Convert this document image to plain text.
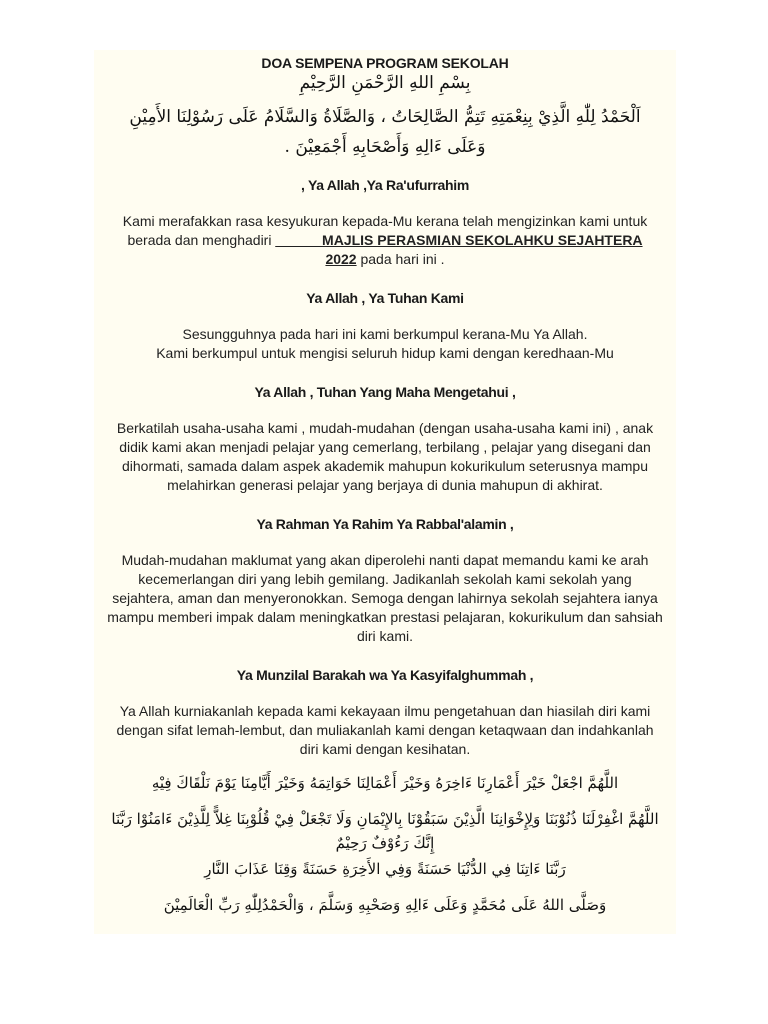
DOA SEMPENA PROGRAM SEKOLAH
بِسْمِ اللهِ الرَّحْمَنِ الرَّحِيْمِ
اَلْحَمْدُ لِلّٰهِ الَّذِيْ بِنِعْمَتِهِ تَتِمُّ الصَّالِحَاتُ ، وَالصَّلَاةُ وَالسَّلَامُ عَلَى رَسُوْلِنَا الأَمِيْنِ
وَعَلَى ءَالِهِ وَأَصْحَابِهِ أَجْمَعِيْنَ .
, Ya Allah ,Ya Ra'ufurrahim
Kami merafakkan rasa kesyukuran kepada-Mu kerana telah mengizinkan kami untuk berada dan menghadiri ______MAJLIS PERASMIAN SEKOLAHKU SEJAHTERA 2022 pada hari ini .
Ya Allah , Ya Tuhan Kami
Sesungguhnya pada hari ini kami berkumpul kerana-Mu Ya Allah.
Kami berkumpul untuk mengisi seluruh hidup kami dengan keredhaan-Mu
Ya Allah , Tuhan Yang Maha Mengetahui ,
Berkatilah usaha-usaha kami , mudah-mudahan (dengan usaha-usaha kami ini) , anak didik kami akan menjadi pelajar yang cemerlang, terbilang , pelajar yang disegani dan dihormati, samada dalam aspek akademik mahupun kokurikulum seterusnya mampu melahirkan generasi pelajar yang berjaya di dunia mahupun di akhirat.
Ya Rahman Ya Rahim Ya Rabbal'alamin ,
Mudah-mudahan maklumat yang akan diperolehi nanti dapat memandu kami ke arah kecemerlangan diri yang lebih gemilang. Jadikanlah sekolah kami sekolah yang sejahtera, aman dan menyeronokkan. Semoga dengan lahirnya sekolah sejahtera ianya mampu memberi impak dalam meningkatkan prestasi pelajaran, kokurikulum dan sahsiah diri kami.
Ya Munzilal Barakah wa Ya Kasyifalghummah ,
Ya Allah kurniakanlah kepada kami kekayaan ilmu pengetahuan dan hiasilah diri kami dengan sifat lemah-lembut, dan muliakanlah kami dengan ketaqwaan dan indahkanlah diri kami dengan kesihatan.
اللَّهُمَّ اجْعَلْ خَيْرَ أَعْمَارِنَا ءَاخِرَهُ وَخَيْرَ أَعْمَالِنَا خَوَاتِمَهُ وَخَيْرَ أَيَّامِنَا يَوْمَ نَلْقَاكَ فِيْهِ
اللَّهُمَّ اغْفِرْلَنَا ذُنُوْبَنَا وَلِإِخْوَانِنَا الَّذِيْنَ سَبَقُوْنَا بِالإِيْمَانِ وَلَا تَجْعَلْ فِيْ قُلُوْبِنَا غِلاًّ لِلَّذِيْنَ ءَامَنُوْا رَبَّنَا إِنَّكَ رَءُوْفٌ رَحِيْمٌ
رَبَّنَا ءَاتِنَا فِي الدُّنْيَا حَسَنَةً وَفِي الأَخِرَةِ حَسَنَةً وَقِنَا عَذَابَ النَّارِ
وَصَلَّى اللهُ عَلَى مُحَمَّدٍ وَعَلَى ءَالِهِ وَصَحْبِهِ وَسَلَّمَ ، وَالْحَمْدُلِلّٰهِ رَبِّ الْعَالَمِيْنَ
